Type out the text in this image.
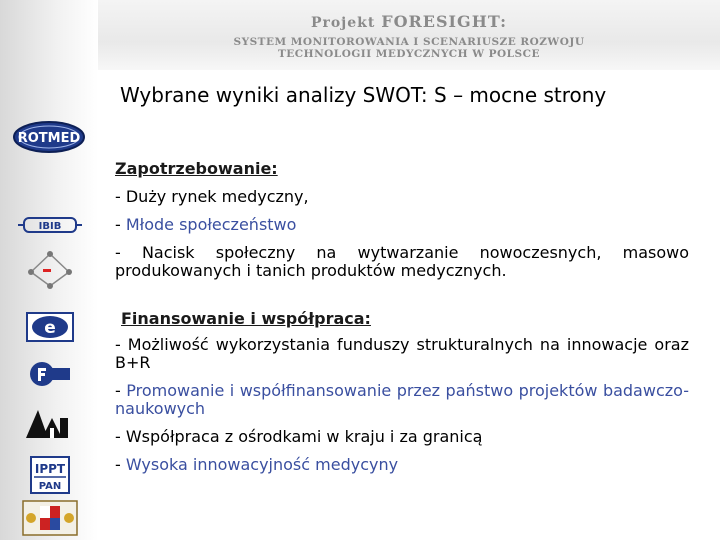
Projekt FORESIGHT:
SYSTEM MONITOROWANIA I SCENARIUSZE ROZWOJU
TECHNOLOGII MEDYCZNYCH W POLSCE
Wybrane wyniki analizy SWOT: S – mocne strony
Zapotrzebowanie:
- Duży rynek medyczny,
- Młode społeczeństwo
- Nacisk społeczny na wytwarzanie nowoczesnych, masowo produkowanych i tanich produktów medycznych.
Finansowanie i współpraca:
- Możliwość wykorzystania funduszy strukturalnych na innowacje oraz B+R
- Promowanie i współfinansowanie przez państwo projektów badawczo-naukowych
- Współpraca z ośrodkami w kraju i za granicą
- Wysoka innowacyjność medycyny
ROTMED
IBIB
e
IPPT
PAN
